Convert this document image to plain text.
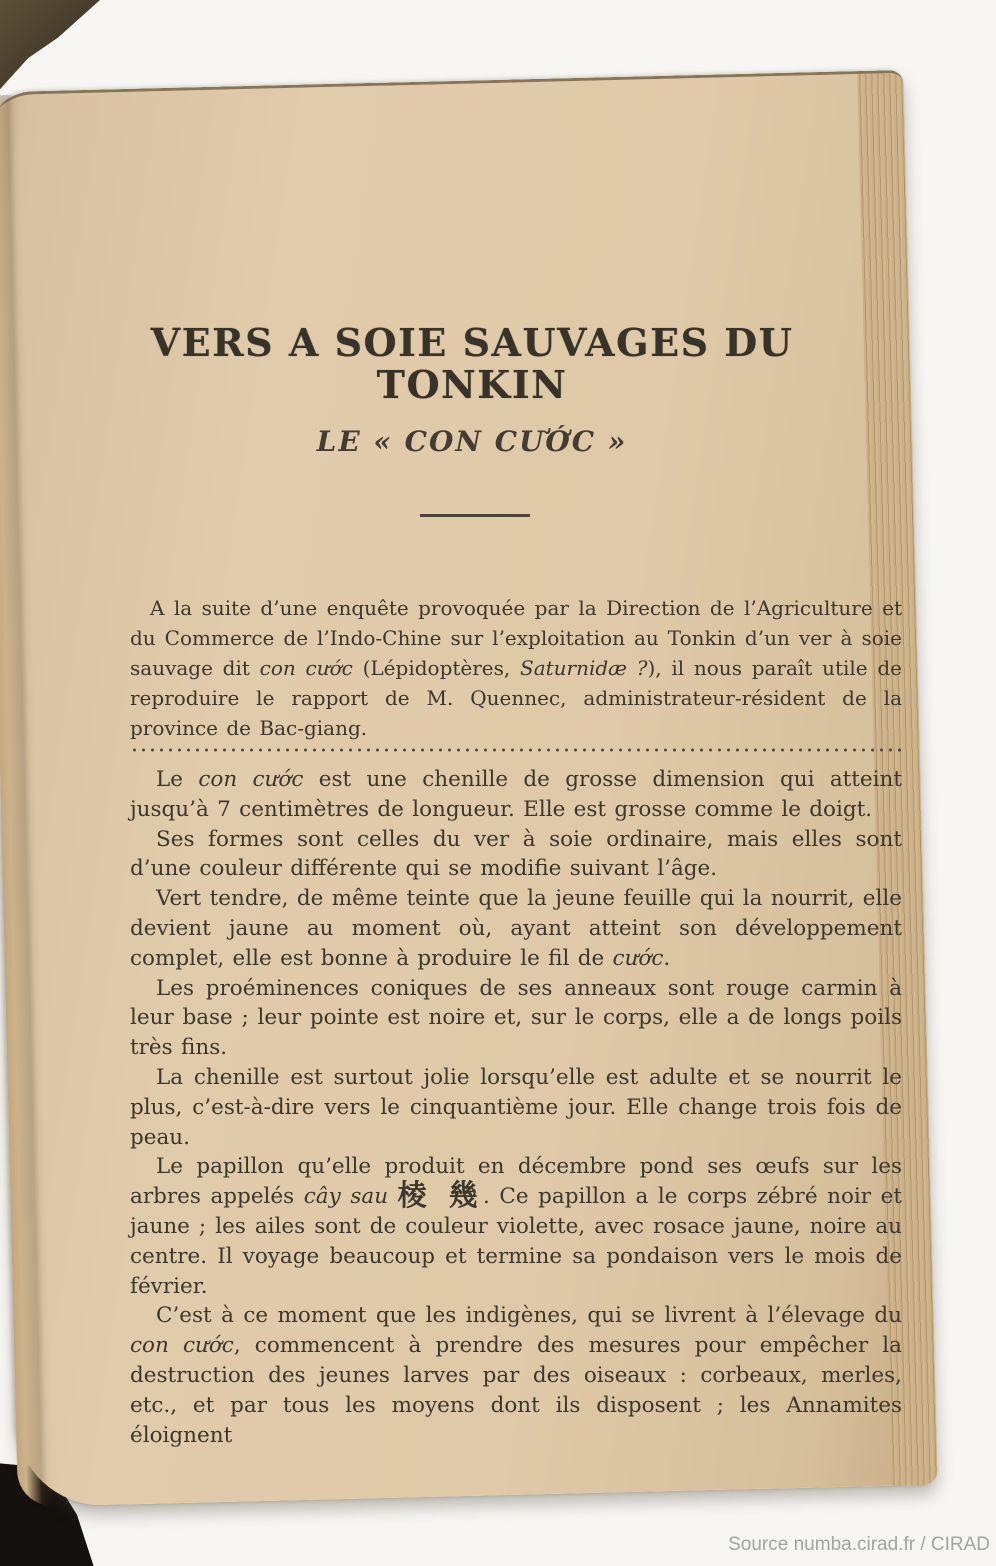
VERS A SOIE SAUVAGES DU TONKIN
LE « CON CƯỚC »

A la suite d’une enquête provoquée par la Direction de l’Agriculture et du Commerce de l’Indo-Chine sur l’exploitation au Tonkin d’un ver à soie sauvage dit con cước (Lépidoptères, Saturnidæ ?), il nous paraît utile de reproduire le rapport de M. Quennec, administrateur-résident de la province de Bac-giang.

Le con cước est une chenille de grosse dimension qui atteint jusqu’à 7 centimètres de longueur. Elle est grosse comme le doigt.

Ses formes sont celles du ver à soie ordinaire, mais elles sont d’une couleur différente qui se modifie suivant l’âge.

Vert tendre, de même teinte que la jeune feuille qui la nourrit, elle devient jaune au moment où, ayant atteint son développement complet, elle est bonne à produire le fil de cước.

Les proéminences coniques de ses anneaux sont rouge carmin à leur base ; leur pointe est noire et, sur le corps, elle a de longs poils très fins.

La chenille est surtout jolie lorsqu’elle est adulte et se nourrit le plus, c’est-à-dire vers le cinquantième jour. Elle change trois fois de peau.

Le papillon qu’elle produit en décembre pond ses œufs sur les arbres appelés cây sau 棱 幾. Ce papillon a le corps zébré noir et jaune ; les ailes sont de couleur violette, avec rosace jaune, noire au centre. Il voyage beaucoup et termine sa pondaison vers le mois de février.

C’est à ce moment que les indigènes, qui se livrent à l’élevage du con cước, commencent à prendre des mesures pour empêcher la destruction des jeunes larves par des oiseaux : corbeaux, merles, etc., et par tous les moyens dont ils disposent ; les Annamites éloignent

Source numba.cirad.fr / CIRAD
